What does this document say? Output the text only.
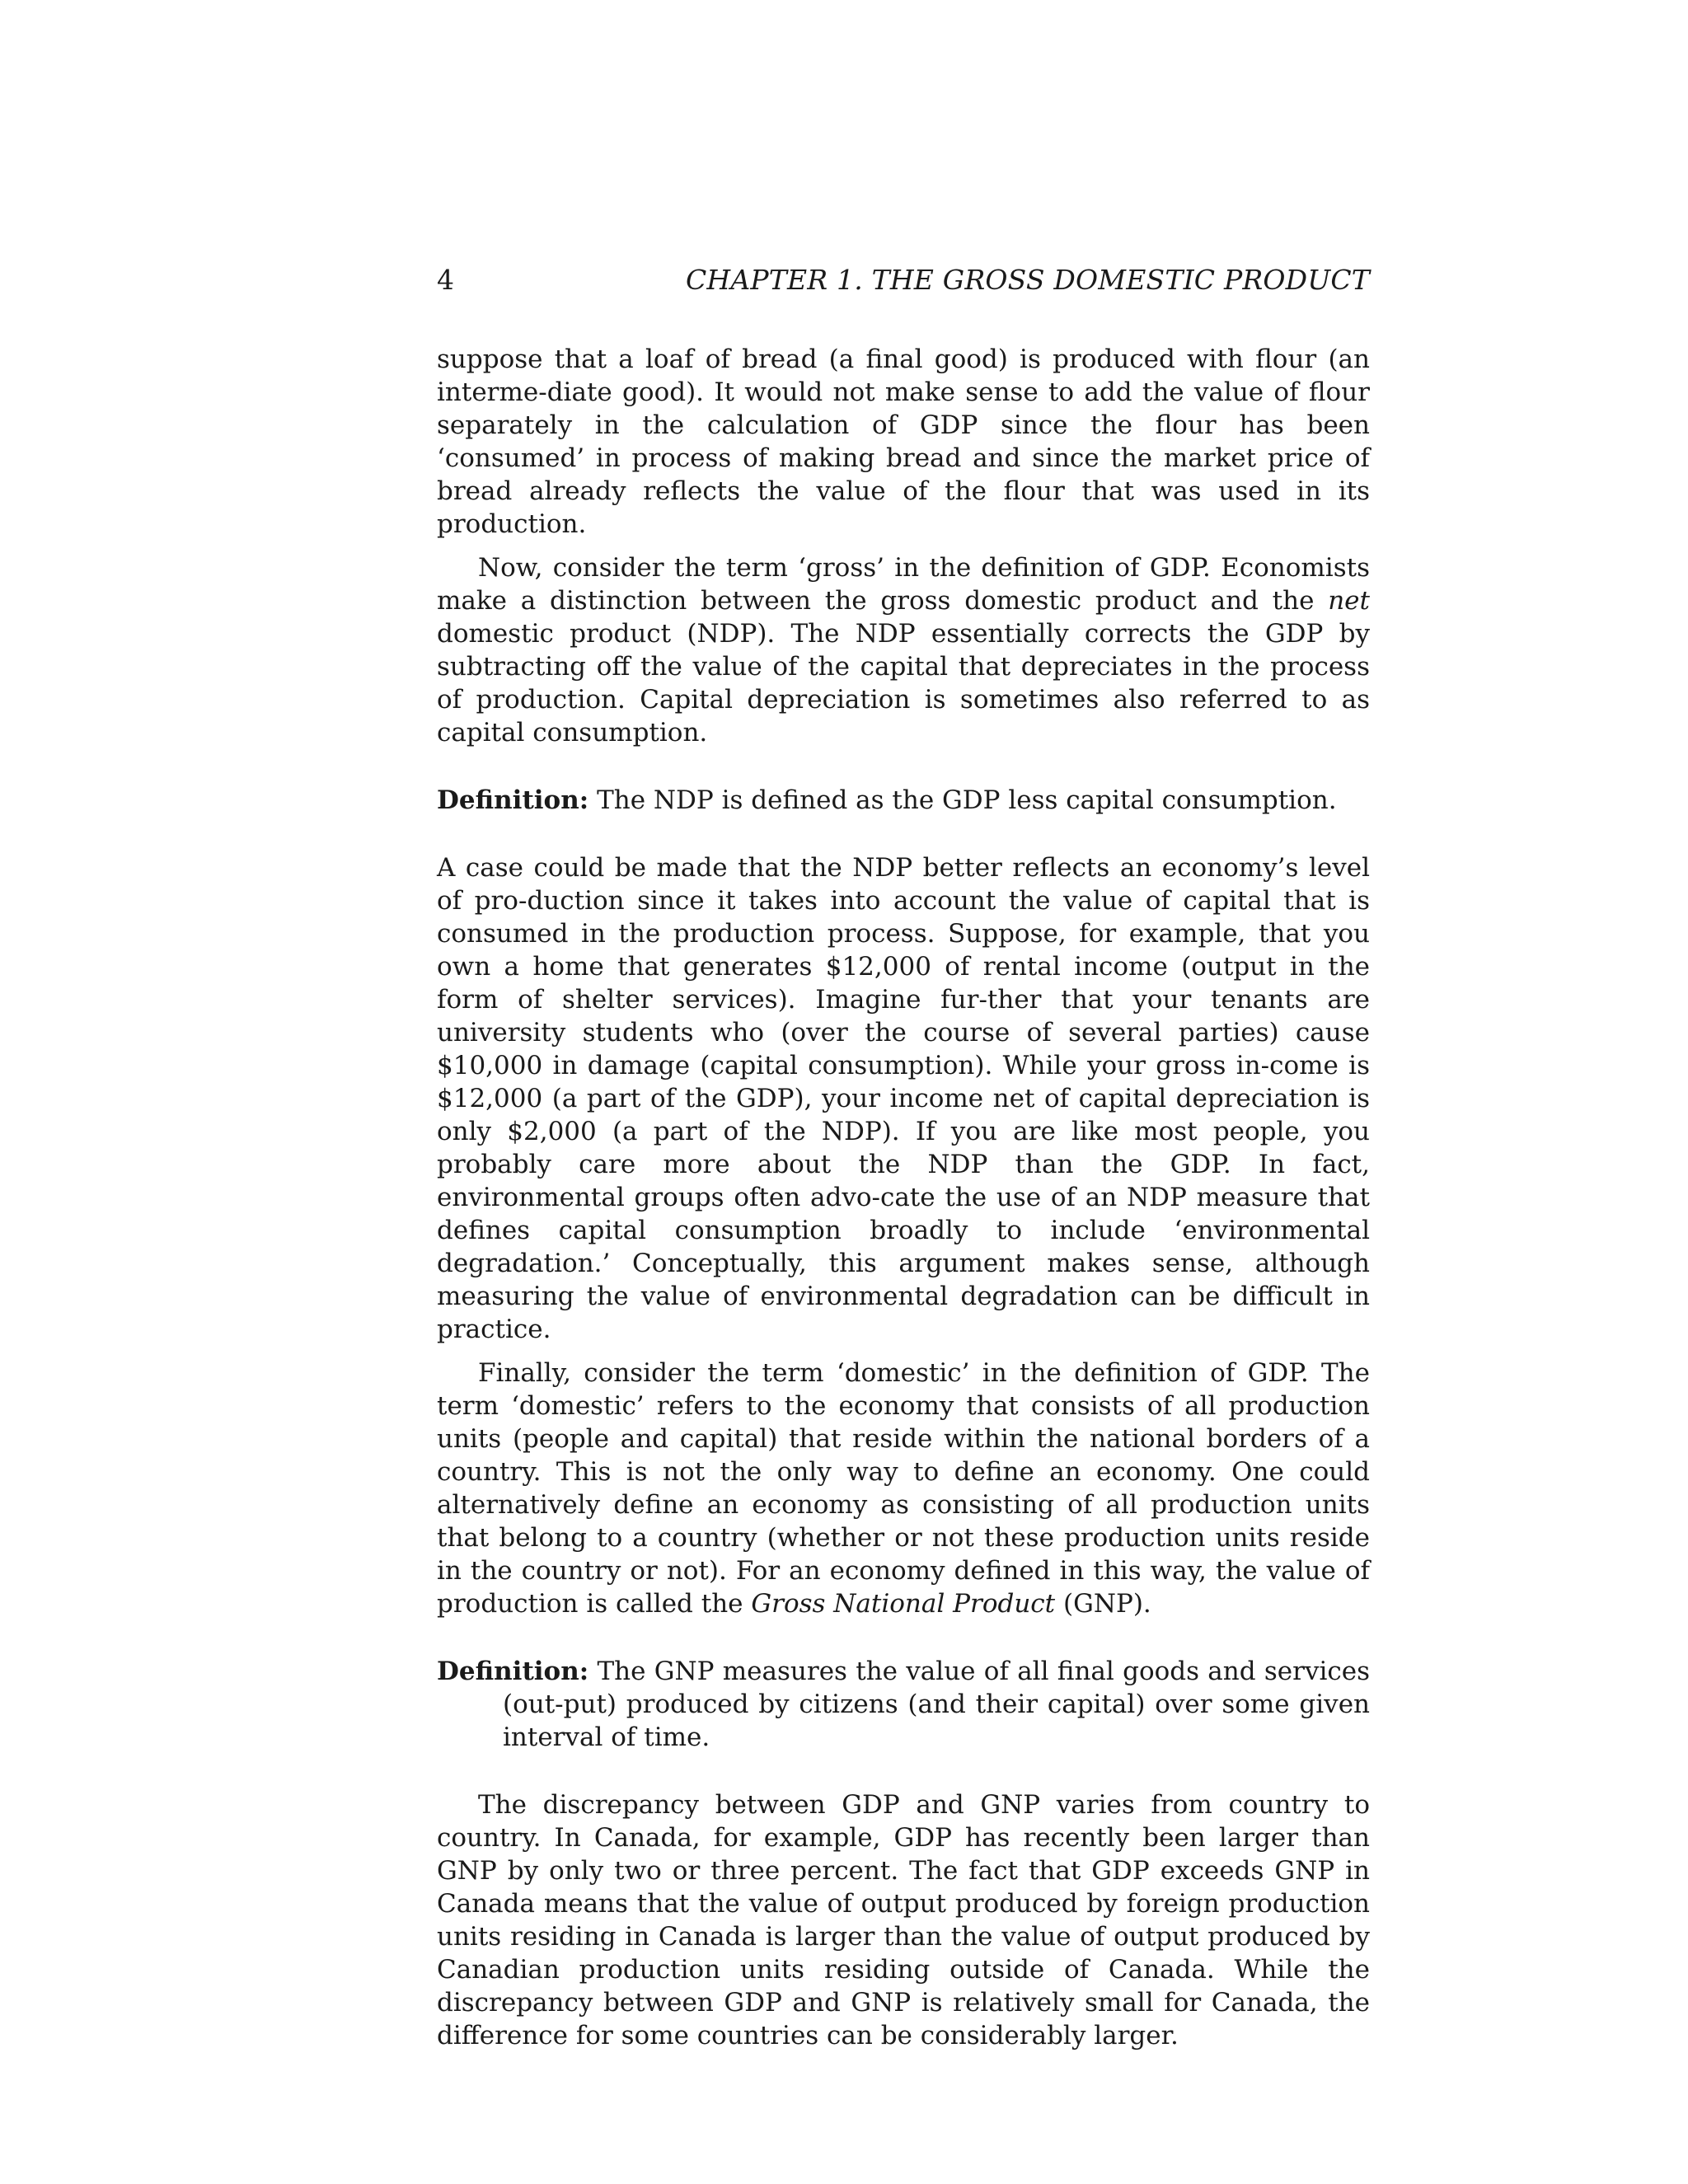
4	CHAPTER 1. THE GROSS DOMESTIC PRODUCT

suppose that a loaf of bread (a final good) is produced with flour (an interme-diate good). It would not make sense to add the value of flour separately in the calculation of GDP since the flour has been ‘consumed’ in process of making bread and since the market price of bread already reflects the value of the flour that was used in its production.

Now, consider the term ‘gross’ in the definition of GDP. Economists make a distinction between the gross domestic product and the net domestic product (NDP). The NDP essentially corrects the GDP by subtracting off the value of the capital that depreciates in the process of production. Capital depreciation is sometimes also referred to as capital consumption.

Definition: The NDP is defined as the GDP less capital consumption.

A case could be made that the NDP better reflects an economy’s level of pro-duction since it takes into account the value of capital that is consumed in the production process. Suppose, for example, that you own a home that generates $12,000 of rental income (output in the form of shelter services). Imagine fur-ther that your tenants are university students who (over the course of several parties) cause $10,000 in damage (capital consumption). While your gross in-come is $12,000 (a part of the GDP), your income net of capital depreciation is only $2,000 (a part of the NDP). If you are like most people, you probably care more about the NDP than the GDP. In fact, environmental groups often advo-cate the use of an NDP measure that defines capital consumption broadly to include ‘environmental degradation.’ Conceptually, this argument makes sense, although measuring the value of environmental degradation can be difficult in practice.

Finally, consider the term ‘domestic’ in the definition of GDP. The term ‘domestic’ refers to the economy that consists of all production units (people and capital) that reside within the national borders of a country. This is not the only way to define an economy. One could alternatively define an economy as consisting of all production units that belong to a country (whether or not these production units reside in the country or not). For an economy defined in this way, the value of production is called the Gross National Product (GNP).

Definition: The GNP measures the value of all final goods and services (out-put) produced by citizens (and their capital) over some given interval of time.

The discrepancy between GDP and GNP varies from country to country. In Canada, for example, GDP has recently been larger than GNP by only two or three percent. The fact that GDP exceeds GNP in Canada means that the value of output produced by foreign production units residing in Canada is larger than the value of output produced by Canadian production units residing outside of Canada. While the discrepancy between GDP and GNP is relatively small for Canada, the difference for some countries can be considerably larger.
